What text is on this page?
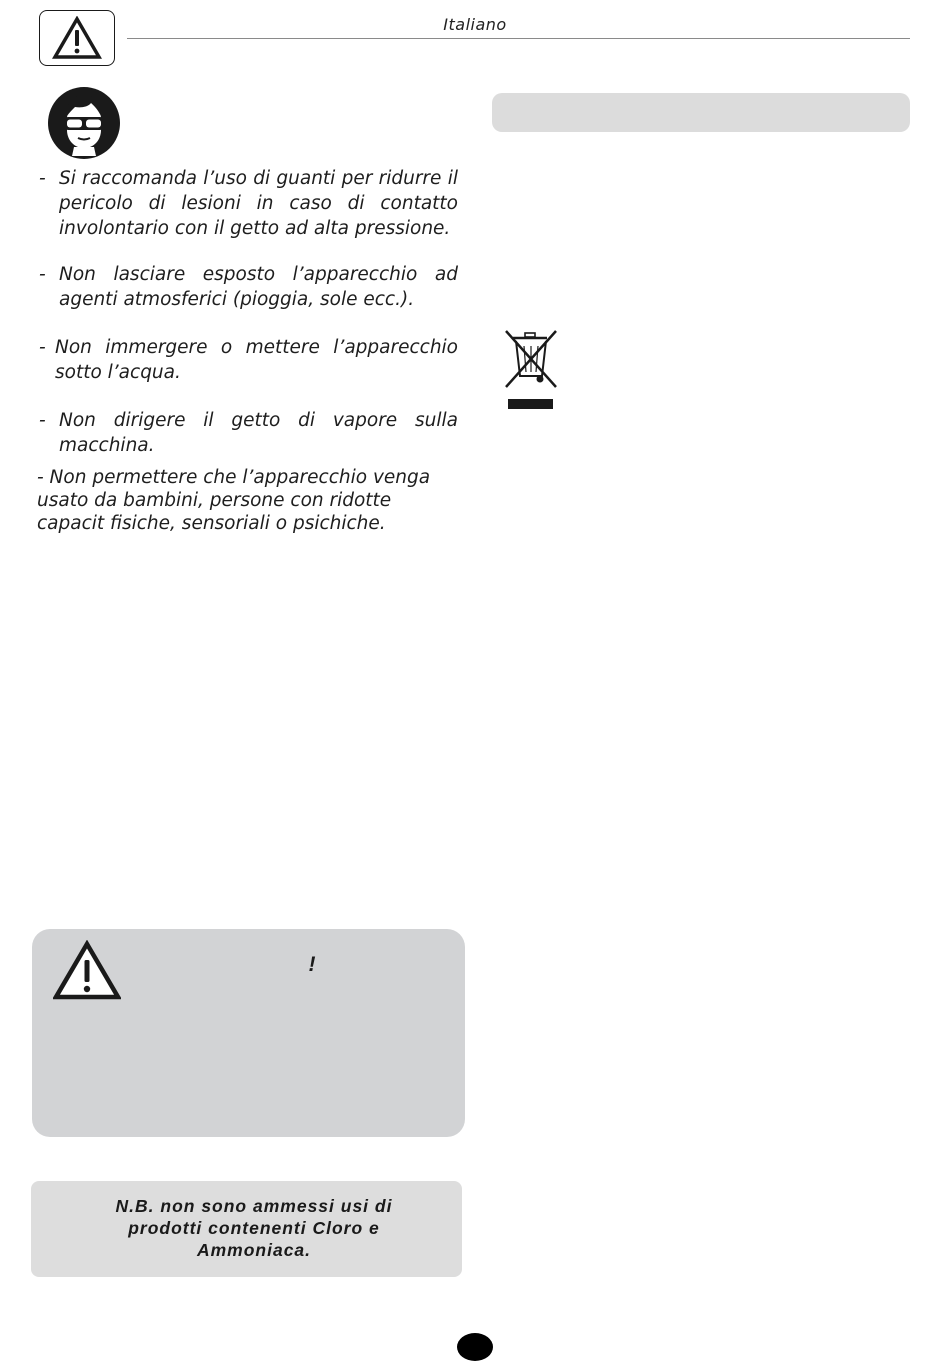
Italiano
- Si raccomanda l’uso di guanti per ridurre il pericolo di lesioni in caso di contatto involontario con il getto ad alta pressione.
- Non lasciare esposto l’apparecchio ad agenti atmosferici (pioggia, sole ecc.).
- Non immergere o mettere l’apparecchio sotto l’acqua.
- Non dirigere il getto di vapore sulla macchina.
- Non permettere che l’apparecchio venga usato da bambini, persone con ridotte capacit fisiche, sensoriali o psichiche.
!
N.B. non sono ammessi usi di prodotti contenenti Cloro e Ammoniaca.
